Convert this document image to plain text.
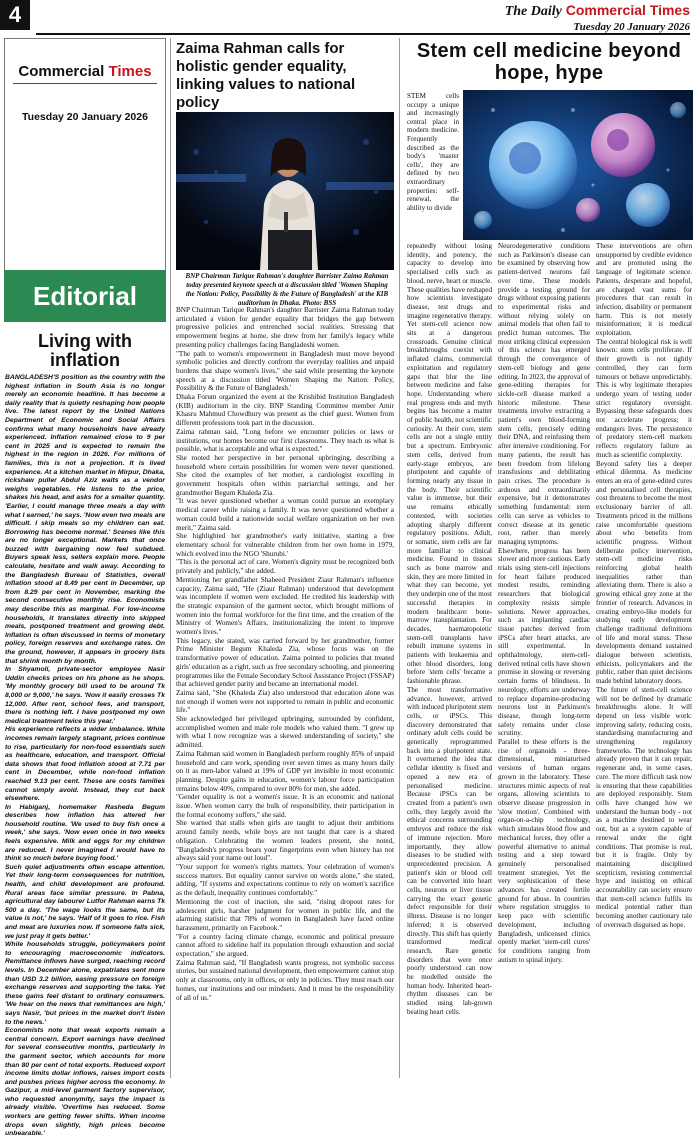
4	The Daily Commercial Times
Tuesday 20 January 2026
Commercial Times
Tuesday 20 January 2026
Editorial
Living with inflation

BANGLADESH'S position as the country with the highest inflation in South Asia is no longer merely an economic headline. It has become a daily reality that is quietly reshaping how people live. The latest report by the United Nations Department of Economic and Social Affairs confirms what many households have already experienced. Inflation remained close to 9 per cent in 2025 and is expected to remain the highest in the region in 2026. For millions of families, this is not a projection. It is lived experience. At a kitchen market in Mirpur, Dhaka, rickshaw puller Abdul Aziz waits as a vendor weighs vegetables. He listens to the price, shakes his head, and asks for a smaller quantity. 'Earlier, I could manage three meals a day with what I earned,' he says. 'Now even two meals are difficult. I skip meals so my children can eat. Borrowing has become normal.' Scenes like this are no longer exceptional. Markets that once buzzed with bargaining now feel subdued. Buyers speak less, sellers explain more. People calculate, hesitate and walk away. According to the Bangladesh Bureau of Statistics, overall inflation stood at 8.49 per cent in December, up from 8.29 per cent in November, marking the second consecutive monthly rise. Economists may describe this as marginal. For low-income households, it translates directly into skipped meals, postponed treatment and growing debt. Inflation is often discussed in terms of monetary policy, foreign reserves and exchange rates. On the ground, however, it appears in grocery lists that shrink month by month.

In Shyamoli, private-sector employee Nasir Uddin checks prices on his phone as he shops. 'My monthly grocery bill used to be around Tk 8,000 or 9,000,' he says. 'Now it easily crosses Tk 12,000. After rent, school fees, and transport, there is nothing left. I have postponed my own medical treatment twice this year.'

His experience reflects a wider imbalance. While incomes remain largely stagnant, prices continue to rise, particularly for non-food essentials such as healthcare, education, and transport. Official data shows that food inflation stood at 7.71 per cent in December, while non-food inflation reached 9.13 per cent. These are costs families cannot simply avoid. Instead, they cut back elsewhere.

In Habiganj, homemaker Rasheda Begum describes how inflation has altered her household routine. 'We used to buy fish once a week,' she says. 'Now even once in two weeks feels expensive. Milk and eggs for my children are reduced. I never imagined I would have to think so much before buying food.'

Such quiet adjustments often escape attention. Yet their long-term consequences for nutrition, health, and child development are profound. Rural areas face similar pressure. In Pabna, agricultural day labourer Lutfor Rahman earns Tk 500 a day. 'The wage looks the same, but its value is not,' he says. 'Half of it goes to rice. Fish and meat are luxuries now. If someone falls sick, we just pray it gets better.'

While households struggle, policymakers point to encouraging macroeconomic indicators. Remittance inflows have surged, reaching record levels. In December alone, expatriates sent more than USD 3.2 billion, easing pressure on foreign exchange reserves and supporting the taka. Yet these gains feel distant to ordinary consumers. 'We hear on the news that remittances are high,' says Nasir, 'but prices in the market don't listen to the news.'

Economists note that weak exports remain a central concern. Export earnings have declined for several consecutive months, particularly in the garment sector, which accounts for more than 80 per cent of total exports. Reduced export income limits dollar inflows, raises import costs and pushes prices higher across the economy. In Gazipur, a mid-level garment factory supervisor, who requested anonymity, says the impact is already visible. 'Overtime has reduced. Some workers are getting fewer shifts. When income drops even slightly, high prices become unbearable.'

Zaima Rahman calls for holistic gender equality, linking values to national policy
BNP Chairman Tarique Rahman's daughter Barrister Zaima Rahman today presented keynote speech at a discussion titled 'Women Shaping the Nation: Policy, Possibility & the Future of Bangladesh' at the KIB auditorium in Dhaka. Photo: BSS

BNP Chairman Tarique Rahman's daughter Barrister Zaima Rahman today articulated a vision for gender equality that bridges the gap between progressive policies and entrenched social realities. Stressing that empowerment begins at home, she drew from her family's legacy while presenting policy challenges facing Bangladeshi women.

"The path to women's empowerment in Bangladesh must move beyond symbolic policies and directly confront the everyday realities and unpaid burdens that shape women's lives," she said while presenting the keynote speech at a discussion titled 'Women Shaping the Nation: Policy, Possibility & the Future of Bangladesh.'

Dhaka Forum organized the event at the Krishibid Institution Bangladesh (KIB) auditorium in the city. BNP Standing Committee member Amir Khasru Mahmud Chowdhury was present as the chief guest. Women from different professions took part in the discussion.

Zaima rahman said, "Long before we encounter policies or laws or institutions, our homes become our first classrooms. They teach us what is possible, what is acceptable and what is expected."

She rooted her perspective in her personal upbringing, describing a household where certain possibilities for women were never questioned. She cited the examples of her mother, a cardiologist excelling in government hospitals often within patriarchal settings, and her grandmother Begum Khaleda Zia.

"It was never questioned whether a woman could pursue an exemplary medical career while raising a family. It was never questioned whether a woman could build a nationwide social welfare organization on her own merit," Zaima said.

She highlighted her grandmother's early initiative, starting a free elementary school for vulnerable children from her own home in 1979, which evolved into the NGO 'Shurubi.'

"This is the personal act of care. Women's dignity must be recognized both privately and publicly," she added.

Mentioning her grandfather Shaheed President Ziaur Rahman's influence capacity, Zaima said, "He (Ziaur Rahman) understood that development was incomplete if women were excluded. He credited his leadership with the strategic expansion of the garment sector, which brought millions of women into the formal workforce for the first time, and the creation of the Ministry of Women's Affairs, institutionalizing the intent to improve women's lives."

This legacy, she stated, was carried forward by her grandmother, former Prime Minister Begum Khaleda Zia, whose focus was on the transformative power of education. Zaima pointed to policies that treated girls' education as a right, such as free secondary schooling, and pioneering programmes like the Female Secondary School Assistance Project (FSSAP) that achieved gender parity and became an international model.

Zaima said, "She (Khaleda Zia) also understood that education alone was not enough if women were not supported to remain in public and economic life."

She acknowledged her privileged upbringing, surrounded by confident, accomplished women and male role models who valued them. "I grew up with what I now recognize was a skewed understanding of society," she admitted.

Zaima Rahman said women in Bangladesh perform roughly 85% of unpaid household and care work, spending over seven times as many hours daily on it as men-labor valued at 19% of GDP yet invisible in most economic planning. Despite gains in education, women's labour force participation remains below 40%, compared to over 80% for men, she added.

"Gender equality is not a women's issue. It is an economic and national issue. When women carry the bulk of responsibility, their participation in the formal economy suffers," she said.

She warned that stalls when girls are taught to adjust their ambitions around family needs, while boys are not taught that care is a shared obligation. Celebrating the women leaders present, she noted, "Bangladesh's progress bears your fingerprints even when history has not always said your name out loud".

"Your support for women's rights matters. Your celebration of women's success matters. But equality cannot survive on words alone," she stated, adding, "If systems and expectations continue to rely on women's sacrifice as the default, inequality continues comfortably."

Mentioning the cost of inaction, she said, "rising dropout rates for adolescent girls, harsher judgment for women in public life, and the alarming statistic that 78% of women in Bangladesh have faced online harassment, primarily on Facebook."

"For a country facing climate change, economic and political pressure cannot afford to sideline half its population through exhaustion and social expectation," she argued.

Zaima Rahman said, "If Bangladesh wants progress, not symbolic success stories, but sustained national development, then empowerment cannot stop only at classrooms, only in offices, or only in policies. They must reach our homes, our institutions and our mindsets. And it must be the responsibility of all of us."

Stem cell medicine beyond hope, hype

STEM cells occupy a unique and increasingly central place in modern medicine. Frequently described as the body's 'master cells', they are defined by two extraordinary properties: self-renewal, the ability to divide

repeatedly without losing identity, and potency, the capacity to develop into specialised cells such as blood, nerve, heart or muscle. These qualities have reshaped how scientists investigate disease, test drugs and imagine regenerative therapy. Yet stem-cell science now sits at a dangerous crossroads. Genuine clinical breakthroughs coexist with inflated claims, commercial exploitation and regulatory gaps that blur the line between medicine and false hope. Understanding where real progress ends and myth begins has become a matter of public health, not scientific curiosity. At their core, stem cells are not a single entity but a spectrum. Embryonic stem cells, derived from early-stage embryos, are pluripotent and capable of forming nearly any tissue in the body. Their scientific value is immense, but their use remains ethically contested, with societies adopting sharply different regulatory positions. Adult, or somatic, stem cells are far more familiar to clinical medicine. Found in tissues such as bone marrow and skin, they are more limited in what they can become, yet they underpin one of the most successful therapies in modern healthcare: bone-marrow transplantation. For decades, haematopoietic stem-cell transplants have rebuilt immune systems in patients with leukaemia and other blood disorders, long before 'stem cells' became a fashionable phrase.

The most transformative advance, however, arrived with induced pluripotent stem cells, or iPSCs. This discovery demonstrated that ordinary adult cells could be genetically reprogrammed back into a pluripotent state. It overturned the idea that cellular identity is fixed and opened a new era of personalised medicine. Because iPSCs can be created from a patient's own cells, they largely avoid the ethical concerns surrounding embryos and reduce the risk of immune rejection. More importantly, they allow diseases to be studied with unprecedented precision. A patient's skin or blood cell can be converted into heart cells, neurons or liver tissue carrying the exact genetic defect responsible for their illness. Disease is no longer inferred; it is observed directly. This shift has quietly transformed medical research. Rare genetic disorders that were once poorly understood can now be modelled outside the human body. Inherited heart-rhythm diseases can be studied using lab-grown beating heart cells.

Neurodegenerative conditions such as Parkinson's disease can be examined by observing how patient-derived neurons fail over time. These models provide a testing ground for drugs without exposing patients to experimental risks and without relying solely on animal models that often fail to predict human outcomes. The most striking clinical expression of this science has emerged through the convergence of stem-cell biology and gene editing. In 2023, the approval of gene-editing therapies for sickle-cell disease marked a historic milestone. These treatments involve extracting a patient's own blood-forming stem cells, precisely editing their DNA, and reinfusing them after intensive conditioning. For many patients, the result has been freedom from lifelong transfusions and debilitating pain crises. The procedure is arduous and extraordinarily expensive, but it demonstrates something fundamental: stem cells can serve as vehicles to correct disease at its genetic root, rather than merely managing symptoms.

Elsewhere, progress has been slower and more cautious. Early trials using stem-cell injections for heart failure produced modest results, reminding researchers that biological complexity resists simple solutions. Newer approaches, such as implanting cardiac tissue patches derived from iPSCs after heart attacks, are still experimental. In ophthalmology, stem-cell-derived retinal cells have shown promise in slowing or reversing certain forms of blindness. In neurology, efforts are underway to replace dopamine-producing neurons lost in Parkinson's disease, though long-term safety remains under close scrutiny.

Parallel to these efforts is the rise of organoids - three-dimensional, miniaturised versions of human organs grown in the laboratory. These structures mimic aspects of real organs, allowing scientists to observe disease progression in 'slow motion'. Combined with organ-on-a-chip technology, which simulates blood flow and mechanical forces, they offer a powerful alternative to animal testing and a step toward genuinely personalised treatment strategies. Yet the very sophistication of these advances has created fertile ground for abuse. In countries where regulation struggles to keep pace with scientific development, including Bangladesh, unlicensed clinics openly market 'stem-cell cures' for conditions ranging from autism to spinal injury.

These interventions are often unsupported by credible evidence and are promoted using the language of legitimate science. Patients, desperate and hopeful, are charged vast sums for procedures that can result in infection, disability or permanent harm. This is not merely misinformation; it is medical exploitation.

The central biological risk is well known: stem cells proliferate. If their growth is not tightly controlled, they can form tumours or behave unpredictably. This is why legitimate therapies undergo years of testing under strict regulatory oversight. Bypassing these safeguards does not accelerate progress; it endangers lives. The persistence of predatory stem-cell markets reflects regulatory failure as much as scientific complexity.

Beyond safety lies a deeper ethical dilemma. As medicine enters an era of gene-edited cures and personalised cell therapies, cost threatens to become the most exclusionary barrier of all. Treatments priced in the millions raise uncomfortable questions about who benefits from scientific progress. Without deliberate policy intervention, stem-cell medicine risks reinforcing global health inequalities rather than alleviating them. There is also a growing ethical grey zone at the frontier of research. Advances in creating embryo-like models for studying early development challenge traditional definitions of life and moral status. These developments demand sustained dialogue between scientists, ethicists, policymakers and the public, rather than quiet decisions made behind laboratory doors.

The future of stem-cell science will not be defined by dramatic breakthroughs alone. It will depend on less visible work: improving safety, reducing costs, standardising manufacturing and strengthening regulatory frameworks. The technology has already proven that it can repair, regenerate and, in some cases, cure. The more difficult task now is ensuring that these capabilities are deployed responsibly. Stem cells have changed how we understand the human body - not as a machine destined to wear out, but as a system capable of renewal under the right conditions. That promise is real, but it is fragile. Only by maintaining disciplined scepticism, resisting commercial hype and insisting on ethical accountability can society ensure that stem-cell science fulfils its medical potential rather than becoming another cautionary tale of overreach disguised as hope.
